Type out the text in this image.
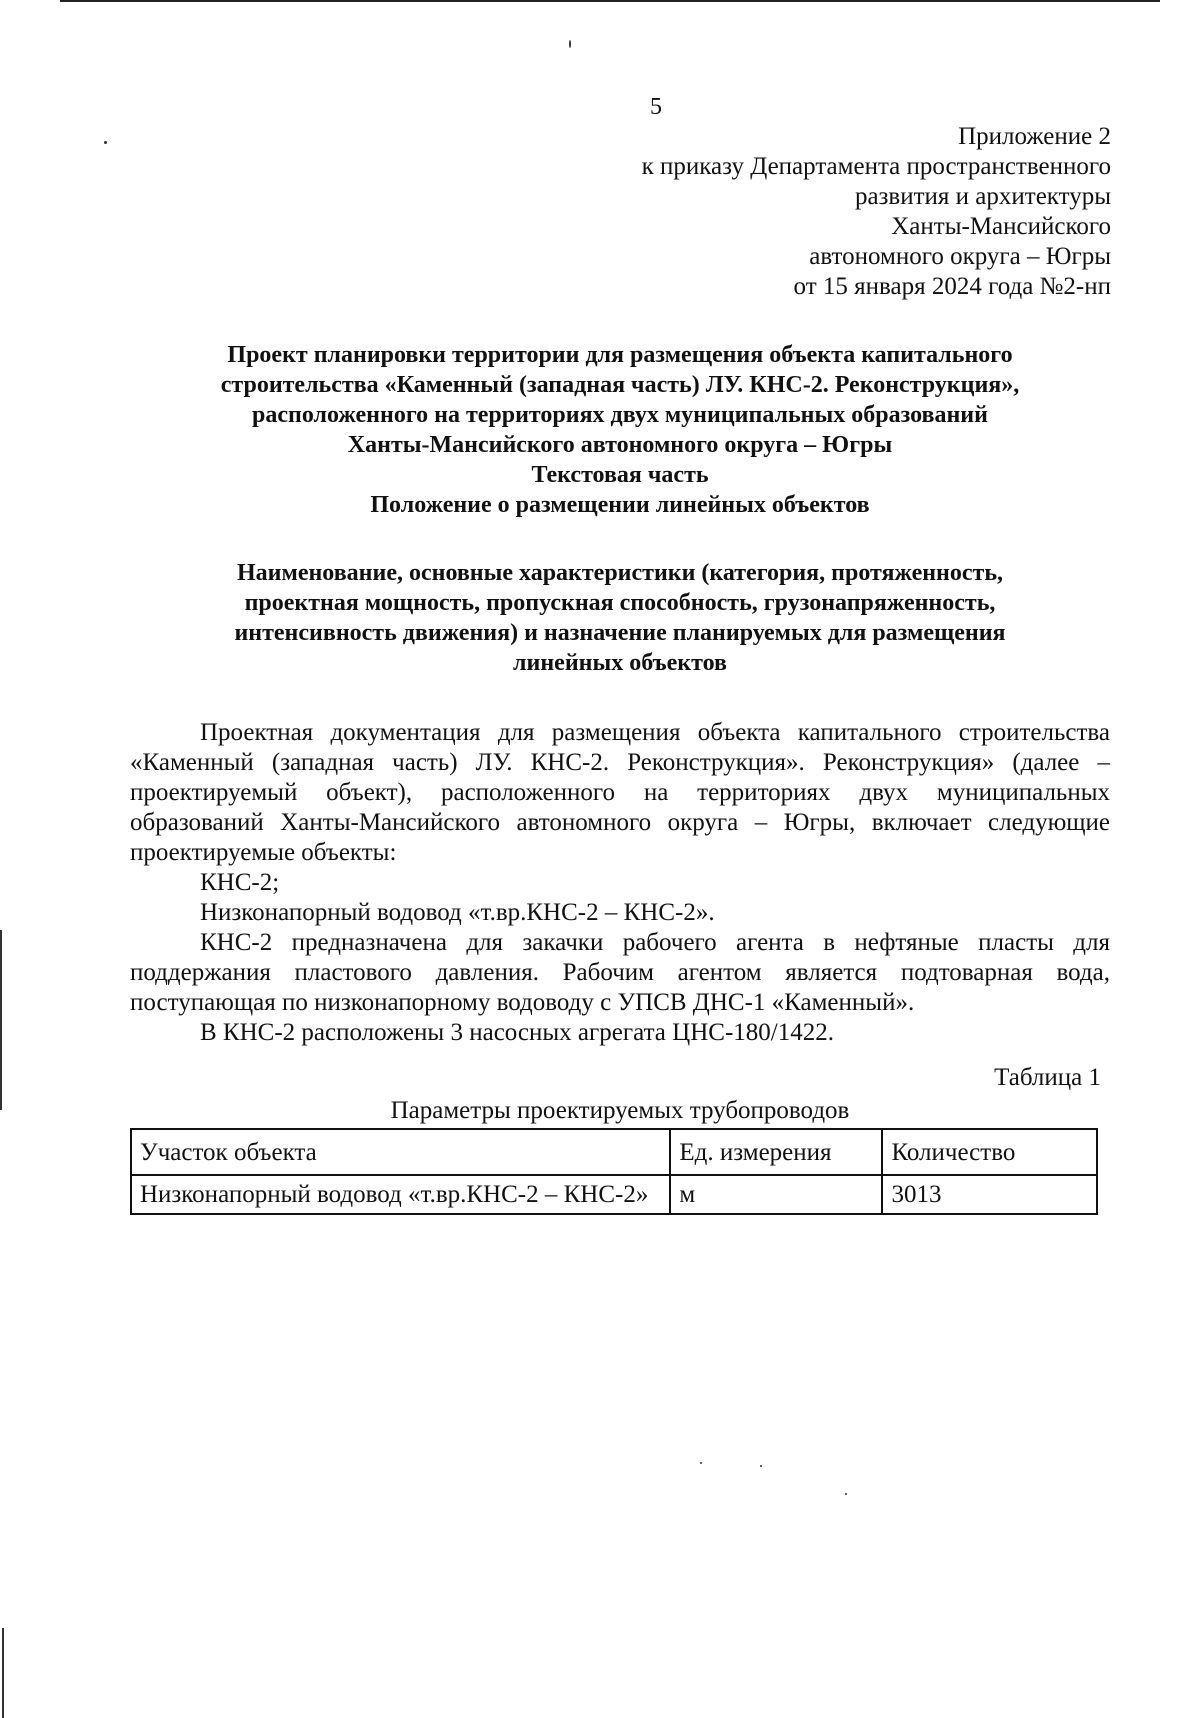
5
Приложение 2
к приказу Департамента пространственного
развития и архитектуры
Ханты-Мансийского
автономного округа – Югры
от 15 января 2024 года №2-нп
Проект планировки территории для размещения объекта капитального
строительства «Каменный (западная часть) ЛУ. КНС-2. Реконструкция»,
расположенного на территориях двух муниципальных образований
Ханты-Мансийского автономного округа – Югры
Текстовая часть
Положение о размещении линейных объектов
Наименование, основные характеристики (категория, протяженность,
проектная мощность, пропускная способность, грузонапряженность,
интенсивность движения) и назначение планируемых для размещения
линейных объектов

Проектная документация для размещения объекта капитального строительства «Каменный (западная часть) ЛУ. КНС-2. Реконструкция». Реконструкция» (далее – проектируемый объект), расположенного на территориях двух муниципальных образований Ханты-Мансийского автономного округа – Югры, включает следующие проектируемые объекты:

КНС-2;

Низконапорный водовод «т.вр.КНС-2 – КНС-2».

КНС-2 предназначена для закачки рабочего агента в нефтяные пласты для поддержания пластового давления. Рабочим агентом является подтоварная вода, поступающая по низконапорному водоводу с УПСВ ДНС-1 «Каменный».

В КНС-2 расположены 3 насосных агрегата ЦНС-180/1422.

Таблица 1
Параметры проектируемых трубопроводов
Участок объекта	Ед. измерения	Количество
Низконапорный водовод «т.вр.КНС-2 – КНС-2»	м	3013
